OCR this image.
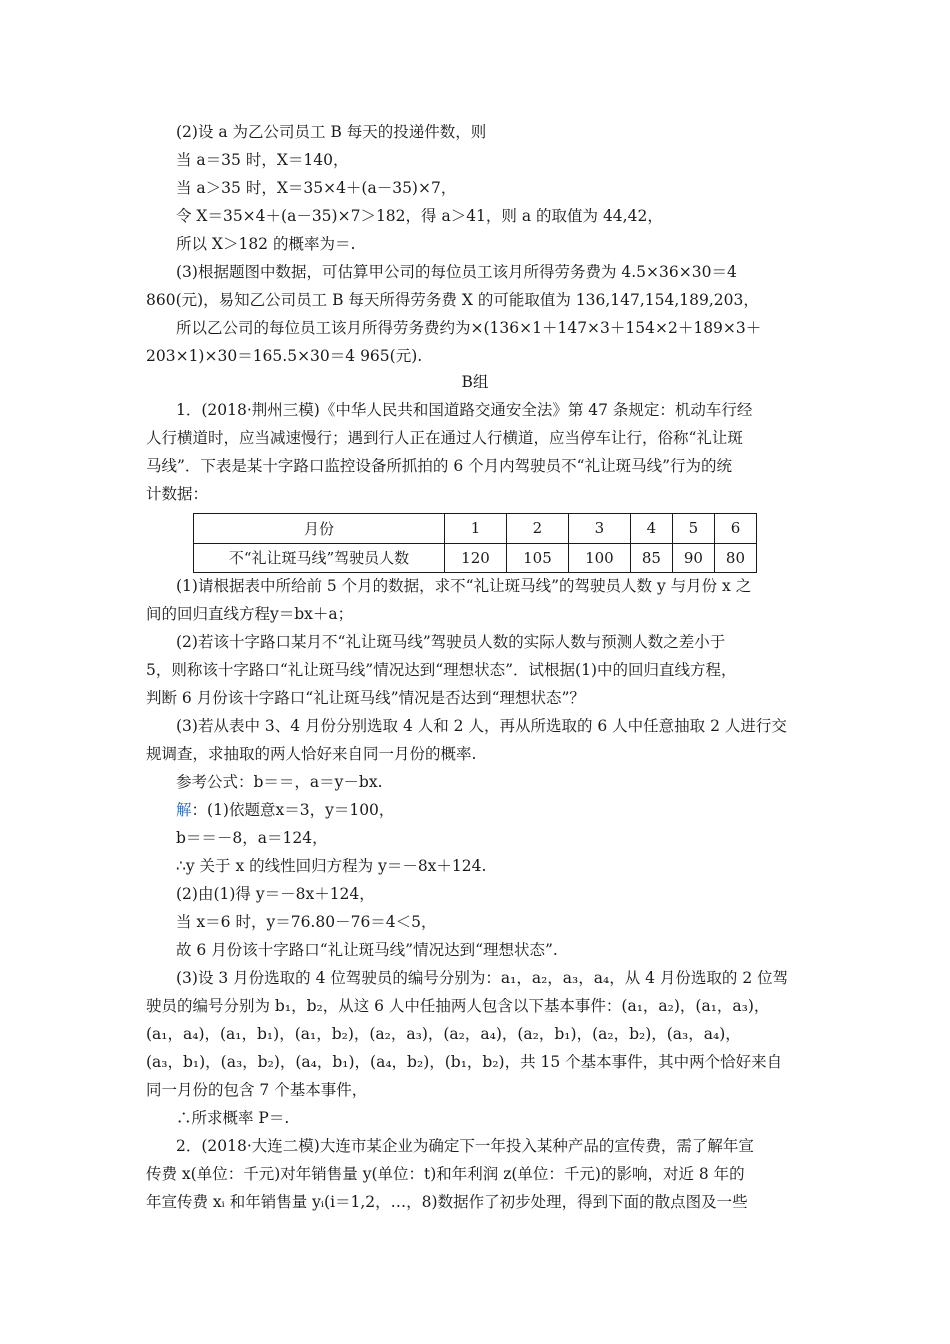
(2)设 a 为乙公司员工 B 每天的投递件数，则
当 a＝35 时，X＝140，
当 a＞35 时，X＝35×4＋(a－35)×7，
令 X＝35×4＋(a－35)×7＞182，得 a＞41，则 a 的取值为 44,42，
所以 X＞182 的概率为＝.
(3)根据题图中数据，可估算甲公司的每位员工该月所得劳务费为 4.5×36×30＝4
860(元)，易知乙公司员工 B 每天所得劳务费 X 的可能取值为 136,147,154,189,203，
所以乙公司的每位员工该月所得劳务费约为×(136×1＋147×3＋154×2＋189×3＋
203×1)×30＝165.5×30＝4 965(元).
B组
1．(2018·荆州三模)《中华人民共和国道路交通安全法》第 47 条规定：机动车行经
人行横道时，应当减速慢行；遇到行人正在通过人行横道，应当停车让行，俗称“礼让斑
马线”．下表是某十字路口监控设备所抓拍的 6 个月内驾驶员不“礼让斑马线”行为的统
计数据：
月份	1	2	3	4	5	6
不“礼让斑马线”驾驶员人数	120	105	100	85	90	80
(1)请根据表中所给前 5 个月的数据，求不“礼让斑马线”的驾驶员人数 y 与月份 x 之
间的回归直线方程y＝bx＋a；
(2)若该十字路口某月不“礼让斑马线”驾驶员人数的实际人数与预测人数之差小于
5，则称该十字路口“礼让斑马线”情况达到“理想状态”．试根据(1)中的回归直线方程，
判断 6 月份该十字路口“礼让斑马线”情况是否达到“理想状态”？
(3)若从表中 3、4 月份分别选取 4 人和 2 人，再从所选取的 6 人中任意抽取 2 人进行交
规调查，求抽取的两人恰好来自同一月份的概率.
参考公式：b＝＝，a＝y－bx.
解：(1)依题意x＝3，y＝100，
b＝＝－8，a＝124，
∴y 关于 x 的线性回归方程为 y＝－8x＋124.
(2)由(1)得 y＝－8x＋124，
当 x＝6 时，y＝76.80－76＝4＜5，
故 6 月份该十字路口“礼让斑马线”情况达到“理想状态”.
(3)设 3 月份选取的 4 位驾驶员的编号分别为：a₁，a₂，a₃，a₄，从 4 月份选取的 2 位驾
驶员的编号分别为 b₁，b₂，从这 6 人中任抽两人包含以下基本事件：(a₁，a₂)，(a₁，a₃)，
(a₁，a₄)，(a₁，b₁)，(a₁，b₂)，(a₂，a₃)，(a₂，a₄)，(a₂，b₁)，(a₂，b₂)，(a₃，a₄)，
(a₃，b₁)，(a₃，b₂)，(a₄，b₁)，(a₄，b₂)，(b₁，b₂)，共 15 个基本事件，其中两个恰好来自
同一月份的包含 7 个基本事件，
∴所求概率 P＝.
2．(2018·大连二模)大连市某企业为确定下一年投入某种产品的宣传费，需了解年宣
传费 x(单位：千元)对年销售量 y(单位：t)和年利润 z(单位：千元)的影响，对近 8 年的
年宣传费 xᵢ 和年销售量 yᵢ(i＝1,2，…，8)数据作了初步处理，得到下面的散点图及一些
